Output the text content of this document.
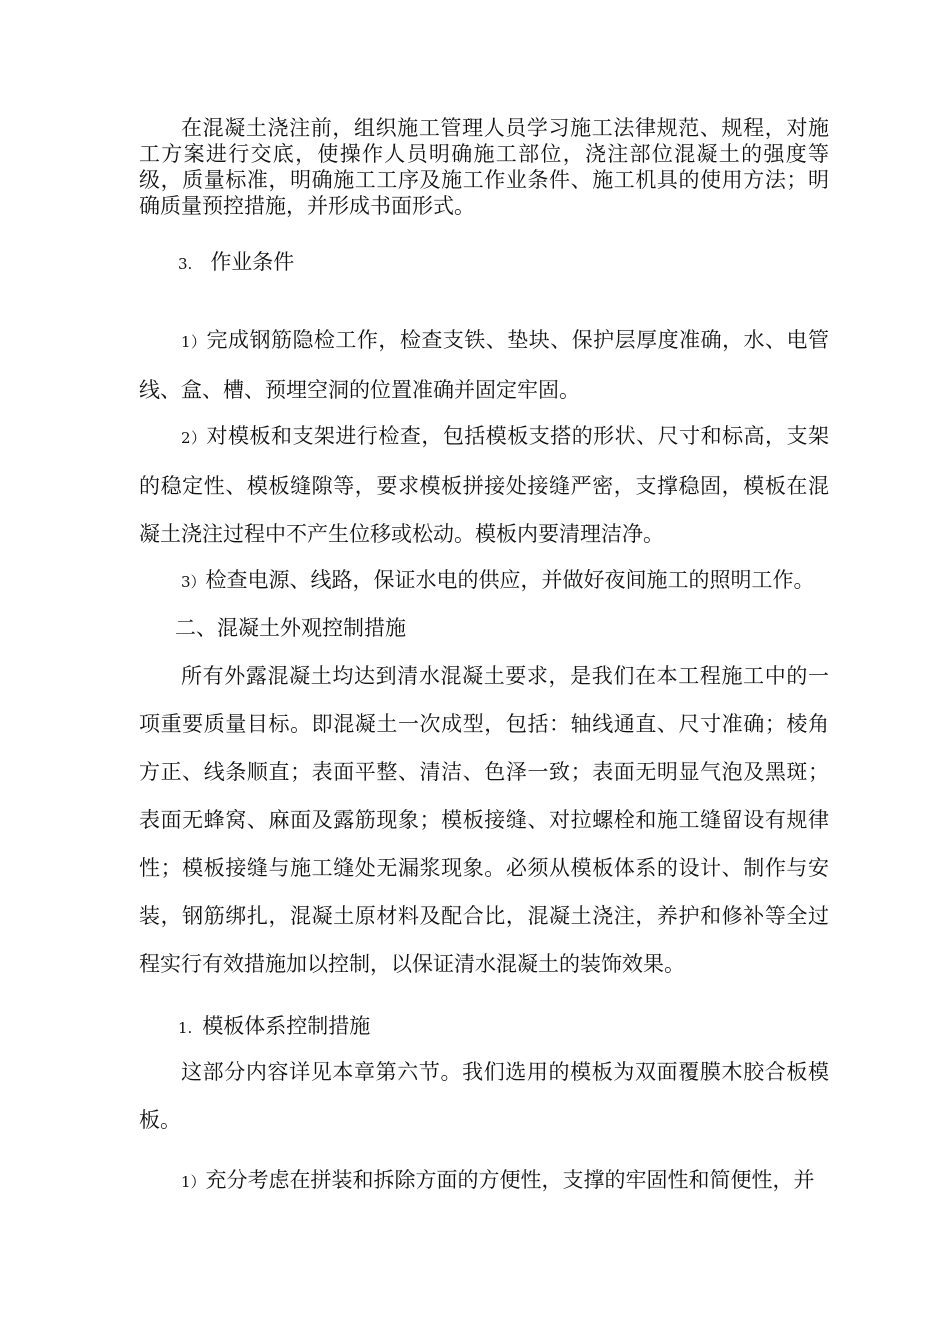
在混凝土浇注前，组织施工管理人员学习施工法律规范、规程，对施工方案进行交底，使操作人员明确施工部位，浇注部位混凝土的强度等级，质量标准，明确施工工序及施工作业条件、施工机具的使用方法；明确质量预控措施，并形成书面形式。

3. 作业条件

1）完成钢筋隐检工作，检查支铁、垫块、保护层厚度准确，水、电管线、盒、槽、预埋空洞的位置准确并固定牢固。

2）对模板和支架进行检查，包括模板支搭的形状、尺寸和标高，支架的稳定性、模板缝隙等，要求模板拼接处接缝严密，支撑稳固，模板在混凝土浇注过程中不产生位移或松动。模板内要清理洁净。

3）检查电源、线路，保证水电的供应，并做好夜间施工的照明工作。

二、混凝土外观控制措施

所有外露混凝土均达到清水混凝土要求，是我们在本工程施工中的一项重要质量目标。即混凝土一次成型，包括：轴线通直、尺寸准确；棱角方正、线条顺直；表面平整、清洁、色泽一致；表面无明显气泡及黑斑；表面无蜂窝、麻面及露筋现象；模板接缝、对拉螺栓和施工缝留设有规律性；模板接缝与施工缝处无漏浆现象。必须从模板体系的设计、制作与安装，钢筋绑扎，混凝土原材料及配合比，混凝土浇注，养护和修补等全过程实行有效措施加以控制，以保证清水混凝土的装饰效果。

1. 模板体系控制措施

这部分内容详见本章第六节。我们选用的模板为双面覆膜木胶合板模板。

1）充分考虑在拼装和拆除方面的方便性，支撑的牢固性和简便性，并
